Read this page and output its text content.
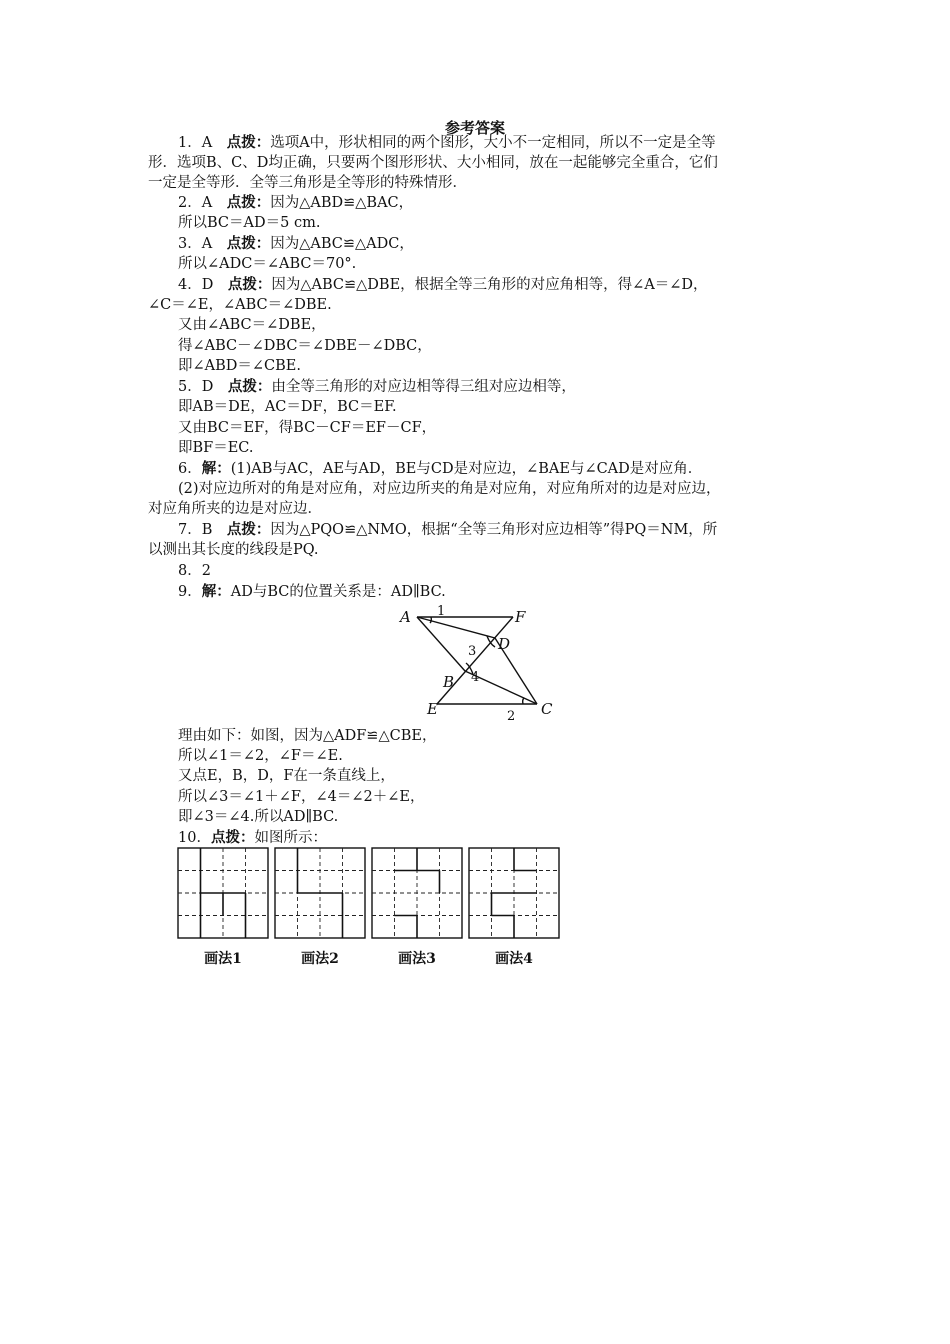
参考答案
1．A　点拨：选项A中，形状相同的两个图形，大小不一定相同，所以不一定是全等
形．选项B、C、D均正确，只要两个图形形状、大小相同，放在一起能够完全重合，它们
一定是全等形．全等三角形是全等形的特殊情形．
2．A　点拨：因为△ABD≌△BAC，
所以BC＝AD＝5 cm.
3．A　点拨：因为△ABC≌△ADC，
所以∠ADC＝∠ABC＝70°.
4．D　点拨：因为△ABC≌△DBE，根据全等三角形的对应角相等，得∠A＝∠D，
∠C＝∠E，∠ABC＝∠DBE.
又由∠ABC＝∠DBE，
得∠ABC－∠DBC＝∠DBE－∠DBC，
即∠ABD＝∠CBE.
5．D　点拨：由全等三角形的对应边相等得三组对应边相等，
即AB＝DE，AC＝DF，BC＝EF.
又由BC＝EF，得BC－CF＝EF－CF，
即BF＝EC.
6．解：(1)AB与AC，AE与AD，BE与CD是对应边，∠BAE与∠CAD是对应角．
(2)对应边所对的角是对应角，对应边所夹的角是对应角，对应角所对的边是对应边，
对应角所夹的边是对应边．
7．B　点拨：因为△PQO≌△NMO，根据“全等三角形对应边相等”得PQ＝NM，所
以测出其长度的线段是PQ.
8．2
9．解：AD与BC的位置关系是：AD∥BC.
A	F
D
B
E	C
1
2
3
4
理由如下：如图，因为△ADF≌△CBE，
所以∠1＝∠2，∠F＝∠E.
又点E，B，D，F在一条直线上，
所以∠3＝∠1＋∠F，∠4＝∠2＋∠E，
即∠3＝∠4.所以AD∥BC.
10．点拨：如图所示：
画法1	画法2	画法3	画法4
